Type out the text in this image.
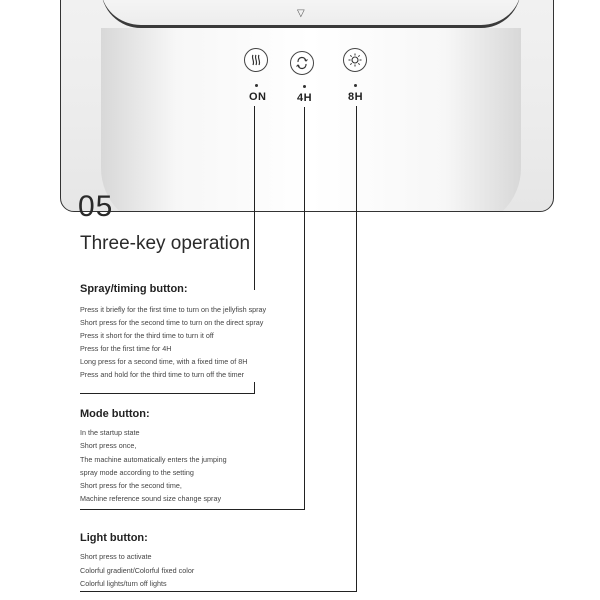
▽
ON	4H	8H
05
Three-key operation
Spray/timing button:
Press it briefly for the first time to turn on the jellyfish spray
Short press for the second time to turn on the direct spray
Press it short for the third time to turn it off
Press for the first time for 4H
Long press for a second time, with a fixed time of 8H
Press and hold for the third time to turn off the timer
Mode button:
In the startup state
Short press once,
The machine automatically enters the jumping
spray mode according to the setting
Short press for the second time,
Machine reference sound size change spray
Light button:
Short press to activate
Colorful gradient/Colorful fixed color
Colorful lights/turn off lights
